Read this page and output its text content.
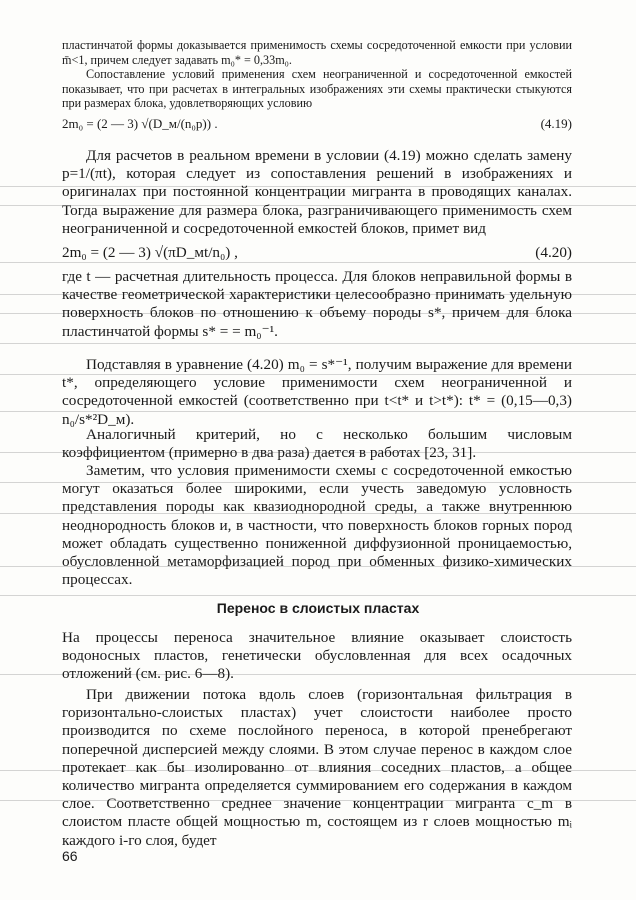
пластинчатой формы доказывается применимость схемы сосредоточенной емкости при условии m̄<1, причем следует задавать m₀* = 0,33m₀.

Сопоставление условий применения схем неограниченной и сосредоточенной емкостей показывает, что при расчетах в интегральных изображениях эти схемы практически стыкуются при размерах блока, удовлетворяющих условию

2m₀ = (2 — 3) √(D_м/(n₀p)) .	(4.19)
Для расчетов в реальном времени в условии (4.19) можно сделать замену p=1/(πt), которая следует из сопоставления решений в изображениях и оригиналах при постоянной концентрации мигранта в проводящих каналах. Тогда выражение для размера блока, разграничивающего применимость схем неограниченной и сосредоточенной емкостей блоков, примет вид
2m₀ = (2 — 3) √(πD_мt/n₀) ,	(4.20)
где t — расчетная длительность процесса. Для блоков неправильной формы в качестве геометрической характеристики целесообразно принимать удельную поверхность блоков по отношению к объему породы s*, причем для блока пластинчатой формы s* = = m₀⁻¹.
Подставляя в уравнение (4.20) m₀ = s*⁻¹, получим выражение для времени t*, определяющего условие применимости схем неограниченной и сосредоточенной емкостей (соответственно при t<t* и t>t*): t* = (0,15—0,3) n₀/s*²D_м).
Аналогичный критерий, но с несколько большим числовым коэффициентом (примерно в два раза) дается в работах [23, 31].
Заметим, что условия применимости схемы с сосредоточенной емкостью могут оказаться более широкими, если учесть заведомую условность представления породы как квазиоднородной среды, а также внутреннюю неоднородность блоков и, в частности, что поверхность блоков горных пород может обладать существенно пониженной диффузионной проницаемостью, обусловленной метаморфизацией пород при обменных физико-химических процессах.
Перенос в слоистых пластах
На процессы переноса значительное влияние оказывает слоистость водоносных пластов, генетически обусловленная для всех осадочных отложений (см. рис. 6—8).
При движении потока вдоль слоев (горизонтальная фильтрация в горизонтально-слоистых пластах) учет слоистости наиболее просто производится по схеме послойного переноса, в которой пренебрегают поперечной дисперсией между слоями. В этом случае перенос в каждом слое протекает как бы изолированно от влияния соседних пластов, а общее количество мигранта определяется суммированием его содержания в каждом слое. Соответственно среднее значение концентрации мигранта c_m в слоистом пласте общей мощностью m, состоящем из r слоев мощностью mᵢ каждого i-го слоя, будет
66
